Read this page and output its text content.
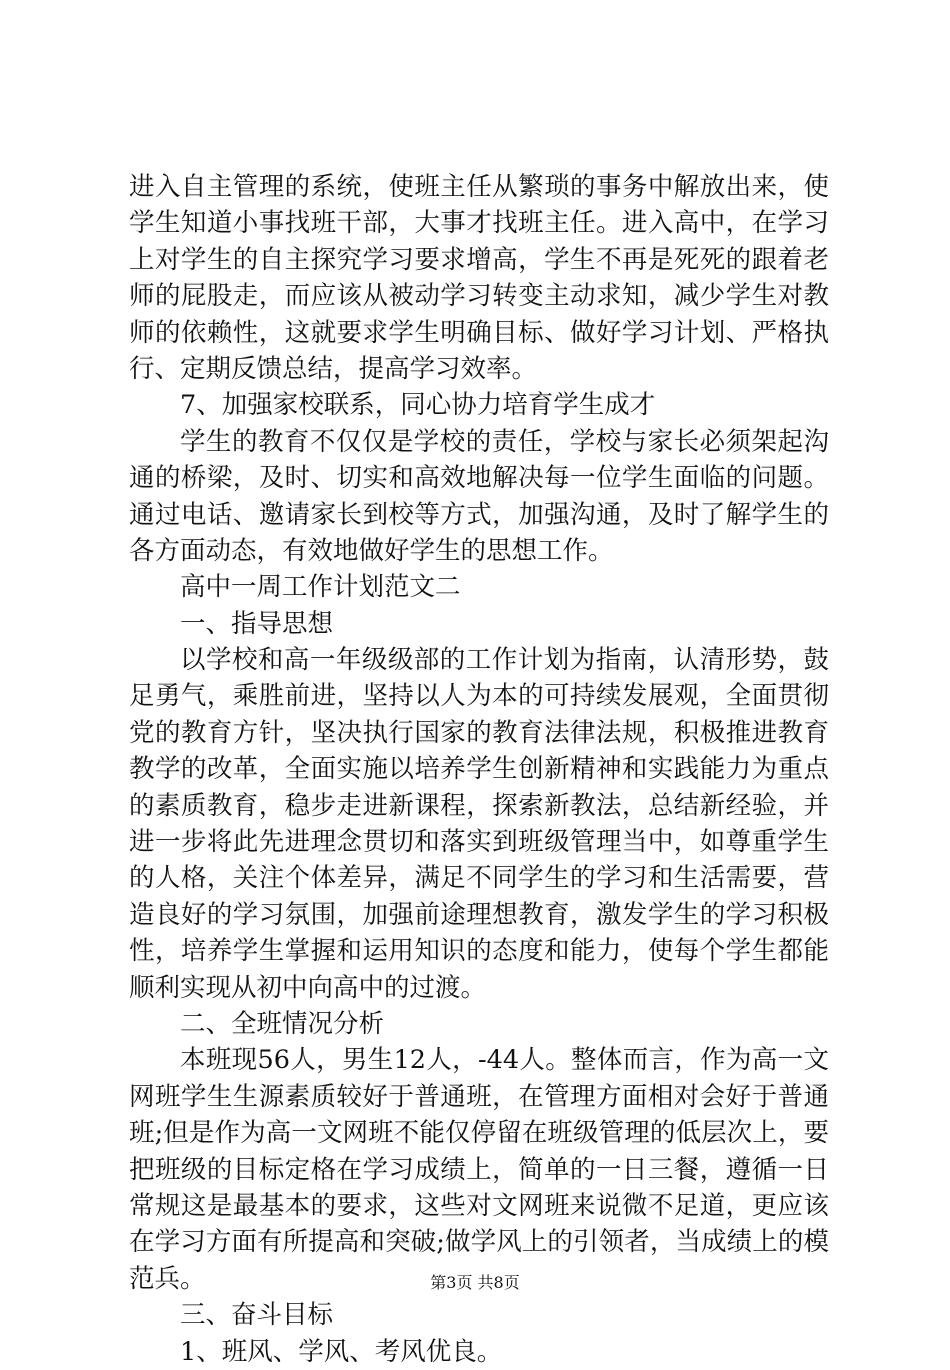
进入自主管理的系统，使班主任从繁琐的事务中解放出来，使
学生知道小事找班干部，大事才找班主任。进入高中，在学习
上对学生的自主探究学习要求增高，学生不再是死死的跟着老
师的屁股走，而应该从被动学习转变主动求知，减少学生对教
师的依赖性，这就要求学生明确目标、做好学习计划、严格执
行、定期反馈总结，提高学习效率。
7、加强家校联系，同心协力培育学生成才
学生的教育不仅仅是学校的责任，学校与家长必须架起沟
通的桥梁，及时、切实和高效地解决每一位学生面临的问题。
通过电话、邀请家长到校等方式，加强沟通，及时了解学生的
各方面动态，有效地做好学生的思想工作。
高中一周工作计划范文二
一、指导思想
以学校和高一年级级部的工作计划为指南，认清形势，鼓
足勇气，乘胜前进，坚持以人为本的可持续发展观，全面贯彻
党的教育方针，坚决执行国家的教育法律法规，积极推进教育
教学的改革，全面实施以培养学生创新精神和实践能力为重点
的素质教育，稳步走进新课程，探索新教法，总结新经验，并
进一步将此先进理念贯切和落实到班级管理当中，如尊重学生
的人格，关注个体差异，满足不同学生的学习和生活需要，营
造良好的学习氛围，加强前途理想教育，激发学生的学习积极
性，培养学生掌握和运用知识的态度和能力，使每个学生都能
顺利实现从初中向高中的过渡。
二、全班情况分析
本班现56人，男生12人，-44人。整体而言，作为高一文
网班学生生源素质较好于普通班，在管理方面相对会好于普通
班;但是作为高一文网班不能仅停留在班级管理的低层次上，要
把班级的目标定格在学习成绩上，简单的一日三餐，遵循一日
常规这是最基本的要求，这些对文网班来说微不足道，更应该
在学习方面有所提高和突破;做学风上的引领者，当成绩上的模
范兵。
三、奋斗目标
1、班风、学风、考风优良。
第3页 共8页
